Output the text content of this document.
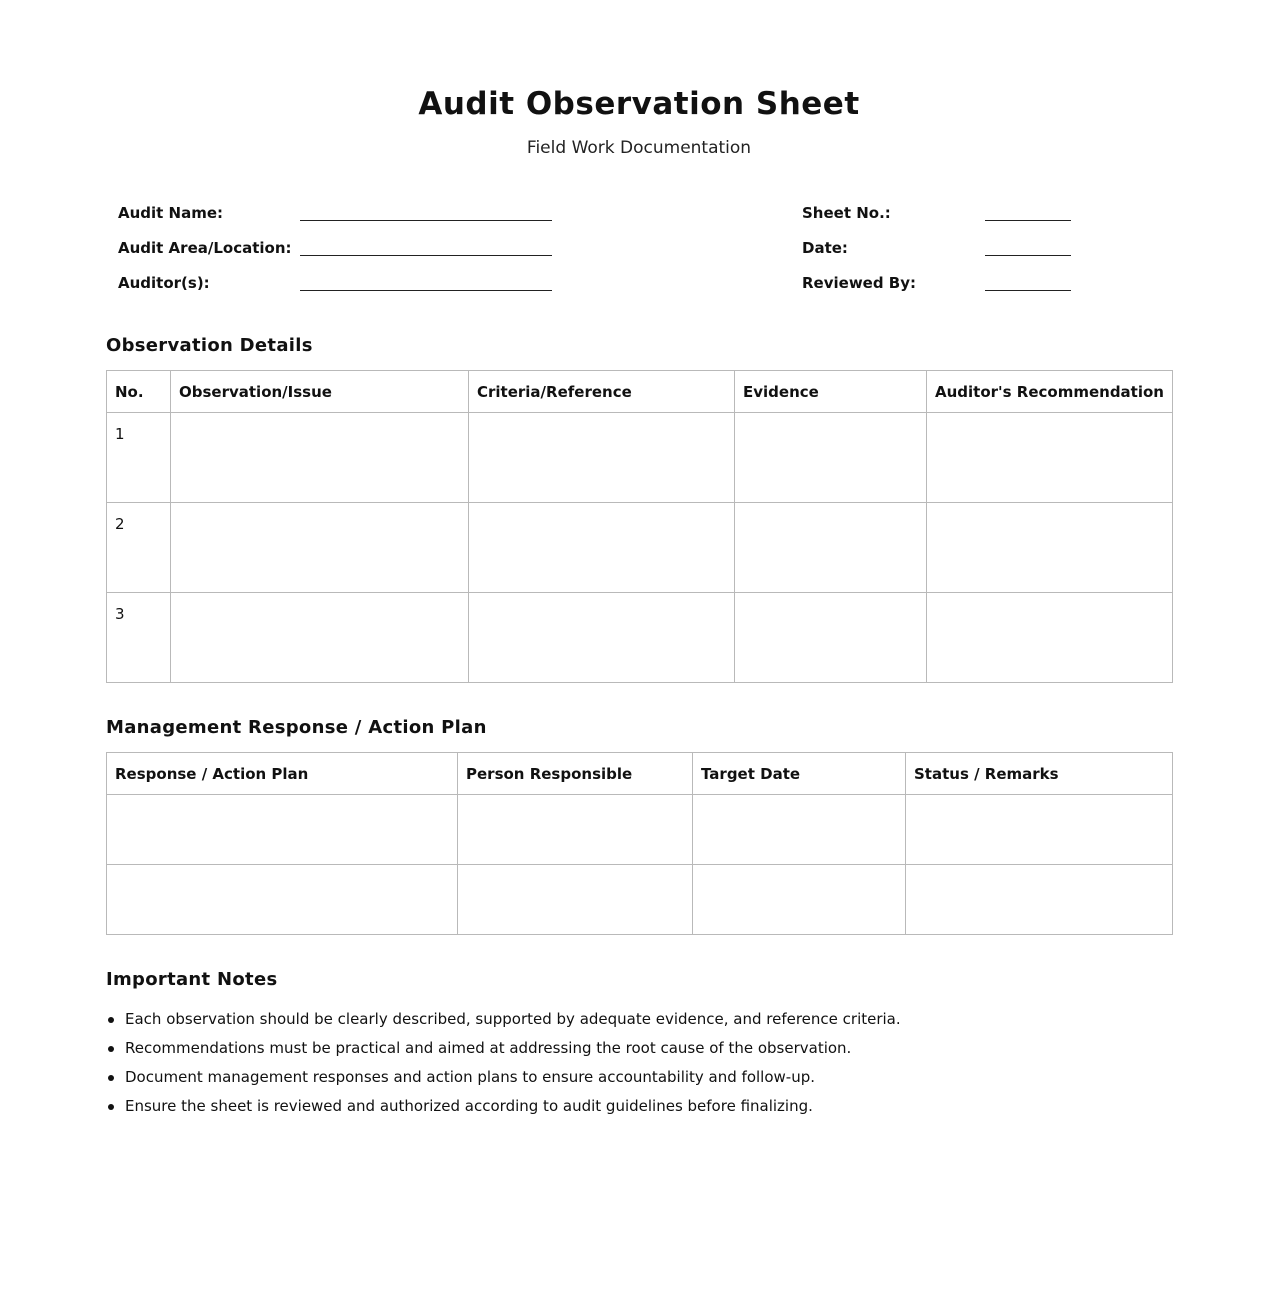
Audit Observation Sheet
Field Work Documentation
Audit Name:
Audit Area/Location:
Auditor(s):
Sheet No.:
Date:
Reviewed By:
Observation Details
No.	Observation/Issue	Criteria/Reference	Evidence	Auditor's Recommendation
1				
2				
3				
Management Response / Action Plan
Response / Action Plan	Person Responsible	Target Date	Status / Remarks

Important Notes
Each observation should be clearly described, supported by adequate evidence, and reference criteria.
Recommendations must be practical and aimed at addressing the root cause of the observation.
Document management responses and action plans to ensure accountability and follow-up.
Ensure the sheet is reviewed and authorized according to audit guidelines before finalizing.
